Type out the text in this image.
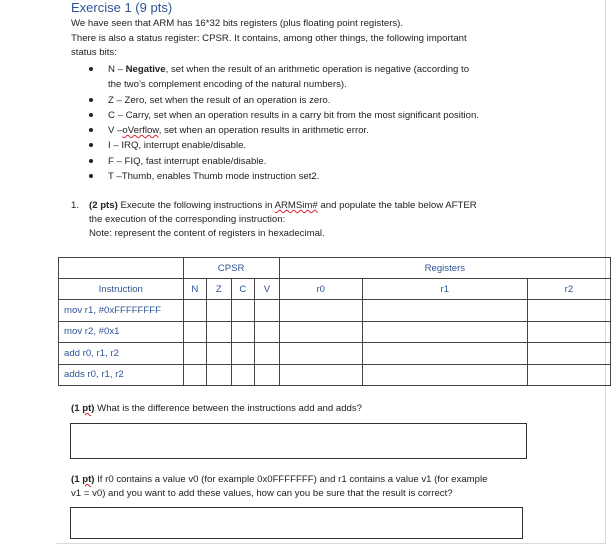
Exercise 1 (9 pts)
We have seen that ARM has 16*32 bits registers (plus floating point registers).
There is also a status register: CPSR. It contains, among other things, the following important
status bits:
N – Negative, set when the result of an arithmetic operation is negative (according to
the two’s complement encoding of the natural numbers).
Z – Zero, set when the result of an operation is zero.
C – Carry, set when an operation results in a carry bit from the most significant position.
V –oVerflow, set when an operation results in arithmetic error.
I – IRQ, interrupt enable/disable.
F – FIQ, fast interrupt enable/disable.
T –Thumb, enables Thumb mode instruction set2.
1. (2 pts) Execute the following instructions in ARMSim# and populate the table below AFTER
the execution of the corresponding instruction:
Note: represent the content of registers in hexadecimal.
	CPSR				Registers		
Instruction	N	Z	C	V	r0	r1	r2
mov r1, #0xFFFFFFFF							
mov r2, #0x1							
add r0, r1, r2							
adds r0, r1, r2							
(1 pt) What is the difference between the instructions add and adds?
(1 pt) If r0 contains a value v0 (for example 0x0FFFFFFF) and r1 contains a value v1 (for example
v1 = v0) and you want to add these values, how can you be sure that the result is correct?
